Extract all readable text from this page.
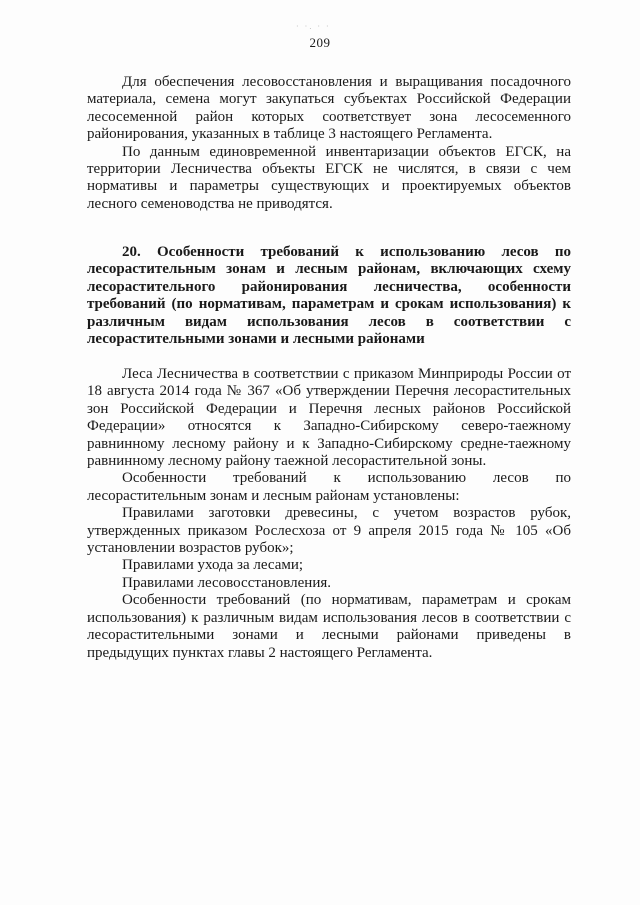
· ·. · ·
209

Для обеспечения лесовосстановления и выращивания посадочного материала, семена могут закупаться субъектах Российской Федерации лесосеменной район которых соответствует зона лесосеменного районирования, указанных в таблице 3 настоящего Регламента.

По данным единовременной инвентаризации объектов ЕГСК, на территории Лесничества объекты ЕГСК не числятся, в связи с чем нормативы и параметры существующих и проектируемых объектов лесного семеноводства не приводятся.

20. Особенности требований к использованию лесов по лесорастительным зонам и лесным районам, включающих схему лесорастительного районирования лесничества, особенности требований (по нормативам, параметрам и срокам использования) к различным видам использования лесов в соответствии с лесорастительными зонами и лесными районами

Леса Лесничества в соответствии с приказом Минприроды России от 18 августа 2014 года № 367 «Об утверждении Перечня лесорастительных зон Российской Федерации и Перечня лесных районов Российской Федерации» относятся к Западно-Сибирскому северо-таежному равнинному лесному району и к Западно-Сибирскому средне-таежному равнинному лесному району таежной лесорастительной зоны.

Особенности требований к использованию лесов по лесорастительным зонам и лесным районам установлены:

Правилами заготовки древесины, с учетом возрастов рубок, утвержденных приказом Рослесхоза от 9 апреля 2015 года № 105 «Об установлении возрастов рубок»;

Правилами ухода за лесами;

Правилами лесовосстановления.

Особенности требований (по нормативам, параметрам и срокам использования) к различным видам использования лесов в соответствии с лесорастительными зонами и лесными районами приведены в предыдущих пунктах главы 2 настоящего Регламента.
